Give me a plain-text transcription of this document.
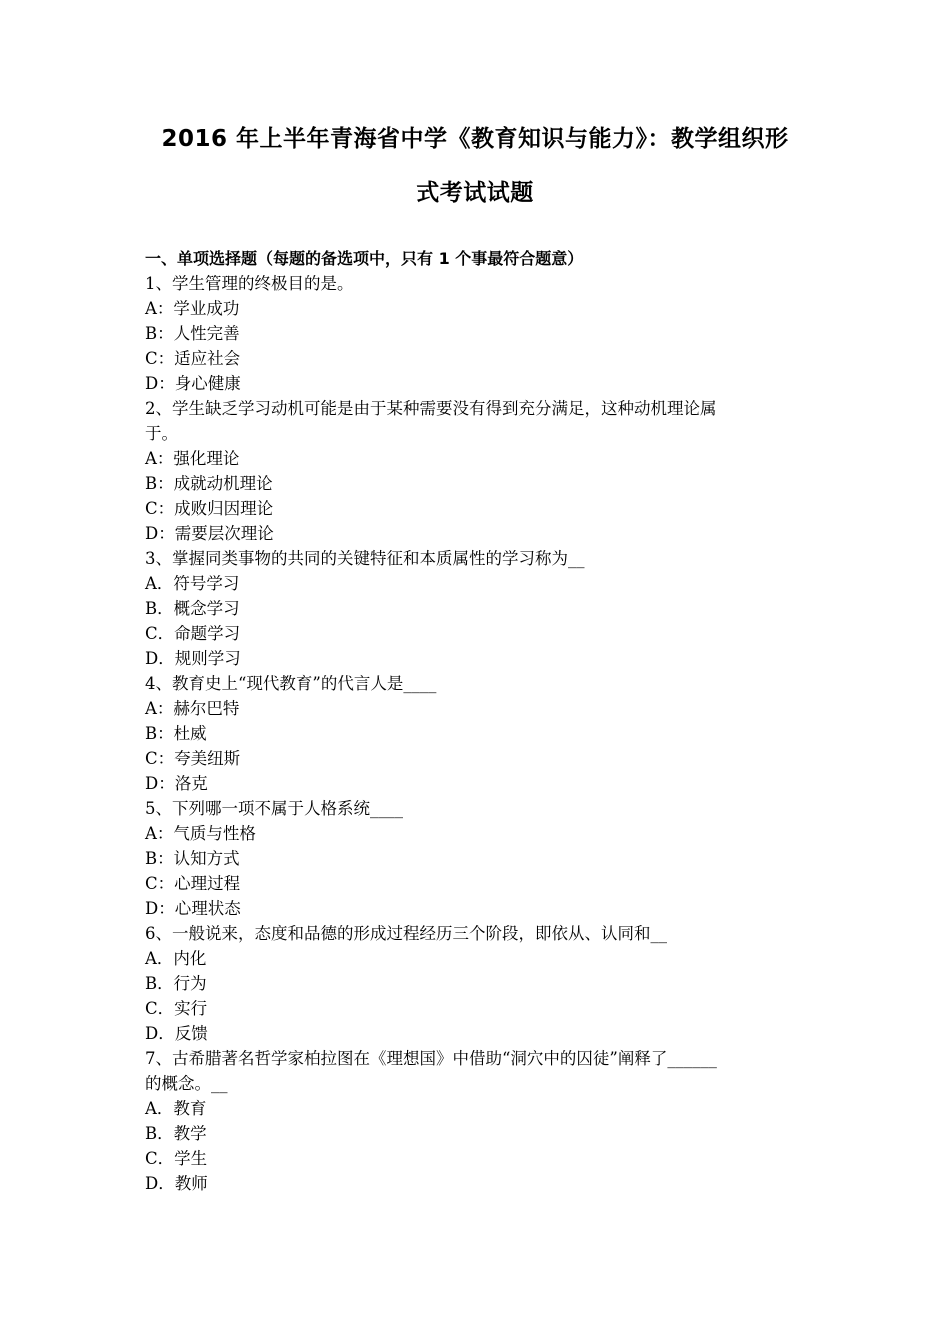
2016 年上半年青海省中学《教育知识与能力》：教学组织形
式考试试题

一、单项选择题（每题的备选项中，只有 1 个事最符合题意）

1、学生管理的终极目的是。

A：学业成功

B：人性完善

C：适应社会

D：身心健康

2、学生缺乏学习动机可能是由于某种需要没有得到充分满足，这种动机理论属

于。

A：强化理论

B：成就动机理论

C：成败归因理论

D：需要层次理论

3、掌握同类事物的共同的关键特征和本质属性的学习称为__

A．符号学习

B．概念学习

C．命题学习

D．规则学习

4、教育史上“现代教育”的代言人是____

A：赫尔巴特

B：杜威

C：夸美纽斯

D：洛克

5、下列哪一项不属于人格系统____

A：气质与性格

B：认知方式

C：心理过程

D：心理状态

6、一般说来，态度和品德的形成过程经历三个阶段，即依从、认同和__

A．内化

B．行为

C．实行

D．反馈

7、古希腊著名哲学家柏拉图在《理想国》中借助“洞穴中的囚徒”阐释了______

的概念。__

A．教育

B．教学

C．学生

D．教师
